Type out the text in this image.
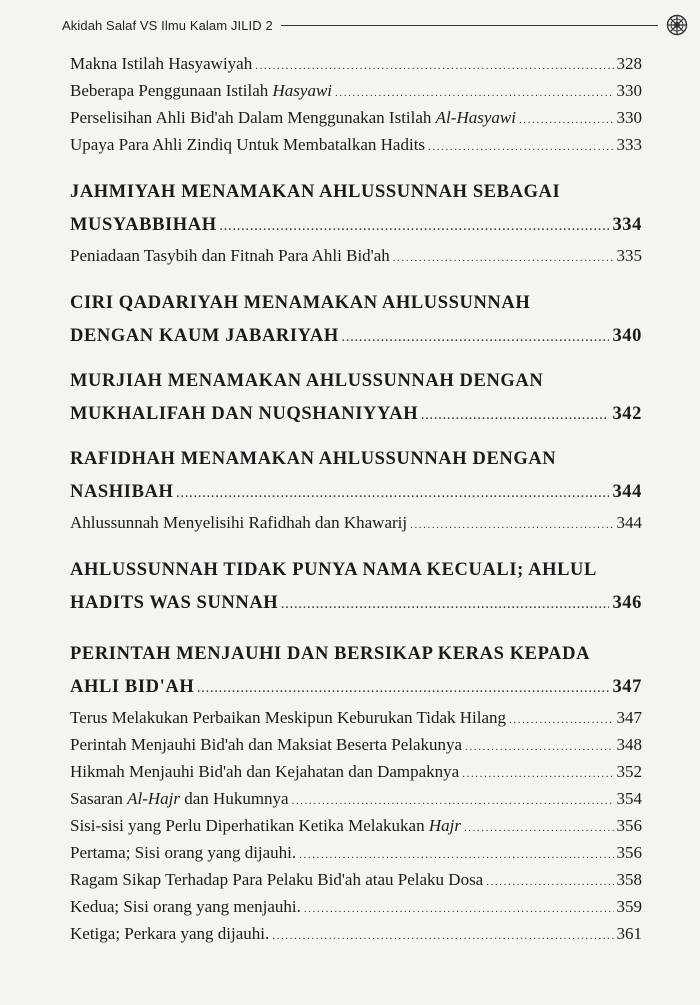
Akidah Salaf VS Ilmu Kalam JILID 2
Makna Istilah Hasyawiyah .....	328
Beberapa Penggunaan Istilah Hasyawi .....	330
Perselisihan Ahli Bid'ah Dalam Menggunakan Istilah Al-Hasyawi .....	330
Upaya Para Ahli Zindiq Untuk Membatalkan Hadits .....	333
JAHMIYAH MENAMAKAN AHLUSSUNNAH SEBAGAI
MUSYABBIHAH .....	334
Peniadaan Tasybih dan Fitnah Para Ahli Bid'ah .....	335
CIRI QADARIYAH MENAMAKAN AHLUSSUNNAH
DENGAN KAUM JABARIYAH .....	340
MURJIAH MENAMAKAN AHLUSSUNNAH DENGAN
MUKHALIFAH DAN NUQSHANIYYAH .....	342
RAFIDHAH MENAMAKAN AHLUSSUNNAH DENGAN
NASHIBAH .....	344
Ahlussunnah Menyelisihi Rafidhah dan Khawarij .....	344
AHLUSSUNNAH TIDAK PUNYA NAMA KECUALI; AHLUL
HADITS WAS SUNNAH .....	346
PERINTAH MENJAUHI DAN BERSIKAP KERAS KEPADA
AHLI BID'AH .....	347
Terus Melakukan Perbaikan Meskipun Keburukan Tidak Hilang .....	347
Perintah Menjauhi Bid'ah dan Maksiat Beserta Pelakunya .....	348
Hikmah Menjauhi Bid'ah dan Kejahatan dan Dampaknya .....	352
Sasaran Al-Hajr dan Hukumnya .....	354
Sisi-sisi yang Perlu Diperhatikan Ketika Melakukan Hajr .....	356
Pertama; Sisi orang yang dijauhi. .....	356
Ragam Sikap Terhadap Para Pelaku Bid'ah atau Pelaku Dosa .....	358
Kedua; Sisi orang yang menjauhi. .....	359
Ketiga; Perkara yang dijauhi. .....	361
